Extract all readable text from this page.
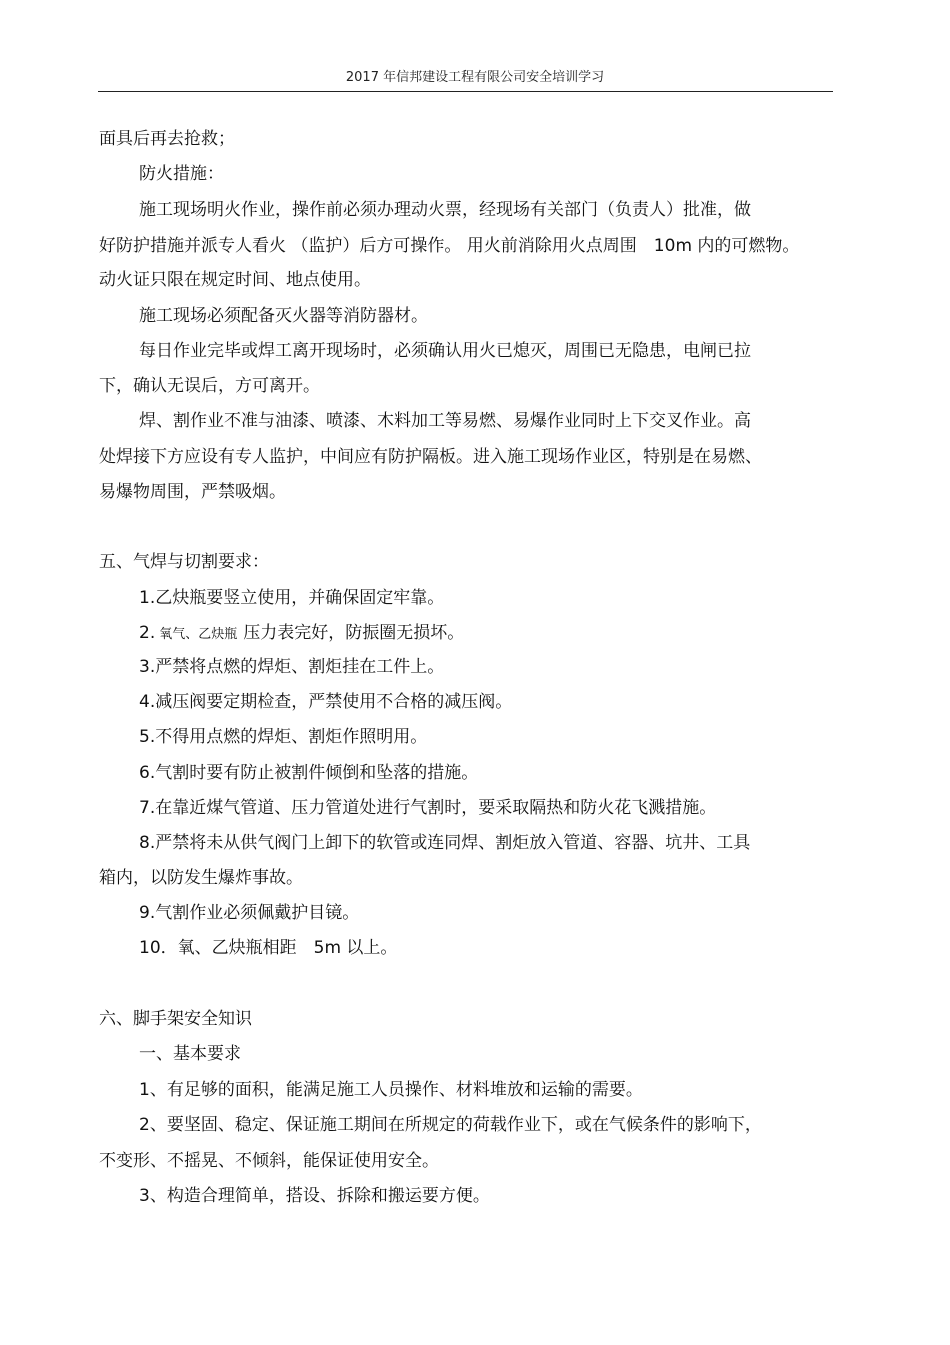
2017 年信邦建设工程有限公司安全培训学习
面具后再去抢救；
防火措施：
施工现场明火作业，操作前必须办理动火票，经现场有关部门（负责人）批准，做
好防护措施并派专人看火 （监护）后方可操作。 用火前消除用火点周围　10m 内的可燃物。
动火证只限在规定时间、地点使用。
施工现场必须配备灭火器等消防器材。
每日作业完毕或焊工离开现场时，必须确认用火已熄灭，周围已无隐患，电闸已拉
下，确认无误后，方可离开。
焊、割作业不准与油漆、喷漆、木料加工等易燃、易爆作业同时上下交叉作业。高
处焊接下方应设有专人监护，中间应有防护隔板。进入施工现场作业区，特别是在易燃、
易爆物周围，严禁吸烟。
五、气焊与切割要求：
1.乙炔瓶要竖立使用，并确保固定牢靠。
2. 氧气、乙炔瓶 压力表完好，防振圈无损坏。
3.严禁将点燃的焊炬、割炬挂在工件上。
4.减压阀要定期检查，严禁使用不合格的减压阀。
5.不得用点燃的焊炬、割炬作照明用。
6.气割时要有防止被割件倾倒和坠落的措施。
7.在靠近煤气管道、压力管道处进行气割时，要采取隔热和防火花飞溅措施。
8.严禁将未从供气阀门上卸下的软管或连同焊、割炬放入管道、容器、坑井、工具
箱内，以防发生爆炸事故。
9.气割作业必须佩戴护目镜。
10．氧、乙炔瓶相距　5m 以上。
六、脚手架安全知识
一、基本要求
1、有足够的面积，能满足施工人员操作、材料堆放和运输的需要。
2、要坚固、稳定、保证施工期间在所规定的荷载作业下，或在气候条件的影响下，
不变形、不摇晃、不倾斜，能保证使用安全。
3、构造合理简单，搭设、拆除和搬运要方便。
